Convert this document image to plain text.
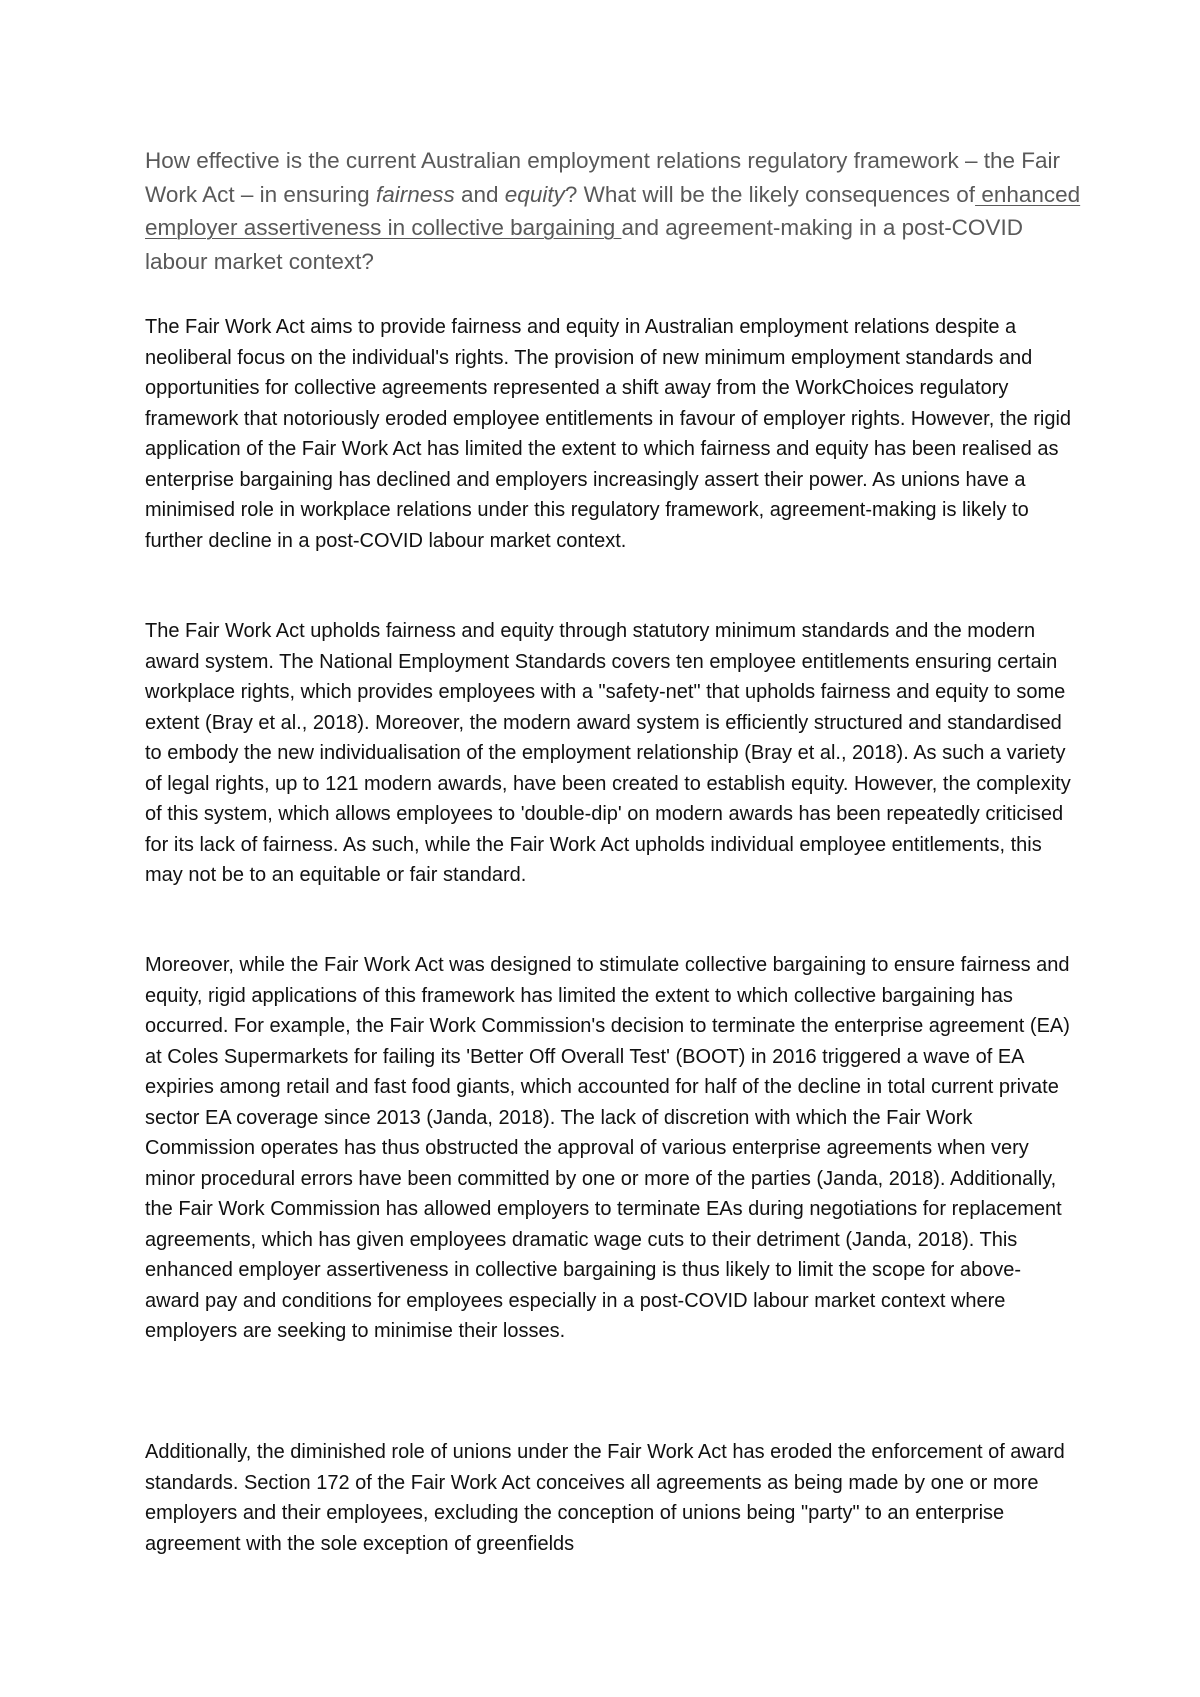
How effective is the current Australian employment relations regulatory framework – the Fair Work Act – in ensuring fairness and equity? What will be the likely consequences of enhanced employer assertiveness in collective bargaining and agreement-making in a post-COVID labour market context?

The Fair Work Act aims to provide fairness and equity in Australian employment relations despite a neoliberal focus on the individual's rights. The provision of new minimum employment standards and opportunities for collective agreements represented a shift away from the WorkChoices regulatory framework that notoriously eroded employee entitlements in favour of employer rights. However, the rigid application of the Fair Work Act has limited the extent to which fairness and equity has been realised as enterprise bargaining has declined and employers increasingly assert their power. As unions have a minimised role in workplace relations under this regulatory framework, agreement-making is likely to further decline in a post-COVID labour market context.

The Fair Work Act upholds fairness and equity through statutory minimum standards and the modern award system. The National Employment Standards covers ten employee entitlements ensuring certain workplace rights, which provides employees with a "safety-net" that upholds fairness and equity to some extent (Bray et al., 2018). Moreover, the modern award system is efficiently structured and standardised to embody the new individualisation of the employment relationship (Bray et al., 2018). As such a variety of legal rights, up to 121 modern awards, have been created to establish equity. However, the complexity of this system, which allows employees to 'double-dip' on modern awards has been repeatedly criticised for its lack of fairness. As such, while the Fair Work Act upholds individual employee entitlements, this may not be to an equitable or fair standard.

Moreover, while the Fair Work Act was designed to stimulate collective bargaining to ensure fairness and equity, rigid applications of this framework has limited the extent to which collective bargaining has occurred. For example, the Fair Work Commission's decision to terminate the enterprise agreement (EA) at Coles Supermarkets for failing its 'Better Off Overall Test' (BOOT) in 2016 triggered a wave of EA expiries among retail and fast food giants, which accounted for half of the decline in total current private sector EA coverage since 2013 (Janda, 2018). The lack of discretion with which the Fair Work Commission operates has thus obstructed the approval of various enterprise agreements when very minor procedural errors have been committed by one or more of the parties (Janda, 2018). Additionally, the Fair Work Commission has allowed employers to terminate EAs during negotiations for replacement agreements, which has given employees dramatic wage cuts to their detriment (Janda, 2018). This enhanced employer assertiveness in collective bargaining is thus likely to limit the scope for above-award pay and conditions for employees especially in a post-COVID labour market context where employers are seeking to minimise their losses.

Additionally, the diminished role of unions under the Fair Work Act has eroded the enforcement of award standards. Section 172 of the Fair Work Act conceives all agreements as being made by one or more employers and their employees, excluding the conception of unions being "party" to an enterprise agreement with the sole exception of greenfields
